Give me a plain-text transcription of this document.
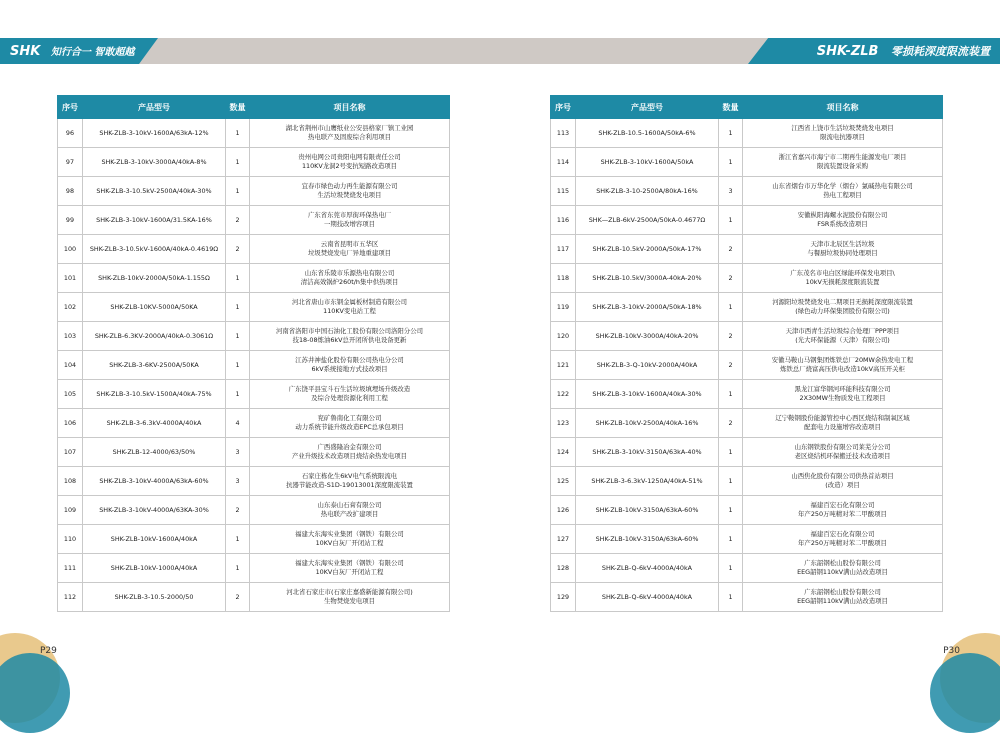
SHK 知行合一 智敢超越	SHK-ZLB 零损耗深度限流装置
序号	产品型号	数量	项目名称
96	SHK-ZLB-3-10kV-1600A/63kA-12%	1	湖北省荆州市山鹰纸业公安县格家厂镇工业园
热电联产及固废综合利用项目

97	SHK-ZLB-3-10kV-3000A/40kA-8%	1	贵州电网公司贵阳电网有限责任公司
110KV龙洞2号变抗短路改造项目

98	SHK-ZLB-3-10.5kV-2500A/40kA-30%	1	宜春市绿色动力再生能源有限公司
生活垃圾焚烧发电项目

99	SHK-ZLB-3-10kV-1600A/31.5KA-16%	2	广东省东莞市厚街环保热电厂
一期技改增容项目

100	SHK-ZLB-3-10.5kV-1600A/40kA-0.4619Ω	2	云南省昆明市五华区
垃圾焚烧发电厂异地重建项目

101	SHK-ZLB-10kV-2000A/50kA-1.155Ω	1	山东省乐陵市乐源热电有限公司
清洁高效锅炉260t/h集中供热项目

102	SHK-ZLB-10KV-5000A/50KA	1	河北省唐山市东钢金属板材制造有限公司
110KV变电站工程

103	SHK-ZLB-6.3KV-2000A/40kA-0.3061Ω	1	河南省洛阳市中国石油化工股份有限公司洛阳分公司
技18-08炼油6kV总开闭所供电设备更新

104	SHK-ZLB-3-6KV-2500A/50KA	1	江苏井神盐化股份有限公司热电分公司
6kV系统接地方式技改项目

105	SHK-ZLB-3-10.5kV-1500A/40kA-75%	1	广东饶平县宝斗石生活垃圾填埋场升级改造
及综合处理资源化利用工程

106	SHK-ZLB-3-6.3kV-4000A/40kA	4	兖矿鲁南化工有限公司
动力系统节能升级改造EPC总承包项目

107	SHK-ZLB-12-4000/63/50%	3	广西盛隆冶金有限公司
产业升级技术改造项目烧结余热发电项目

108	SHK-ZLB-3-10kV-4000A/63kA-60%	3	石家庄栋化生6kV电气系统限流电
抗器节能改造-S1D-19013001深度限流装置

109	SHK-ZLB-3-10kV-4000A/63KA-30%	2	山东泰山石膏有限公司
热电联产改扩建项目

110	SHK-ZLB-10kV-1600A/40kA	1	福建大东海实业集团（钢铁）有限公司
10KV白灰厂开闭站工程

111	SHK-ZLB-10kV-1000A/40kA	1	福建大东海实业集团（钢铁）有限公司
10KV白灰厂开闭站工程

112	SHK-ZLB-3-10.5-2000/50	2	河北省石家庄市(石家庄嘉盛新能源有限公司)
生物焚烧发电项目
序号	产品型号	数量	项目名称
113	SHK-ZLB-10.5-1600A/50kA-6%	1	江西省上饶市生活垃圾焚烧发电项目
限流电抗器项目

114	SHK-ZLB-3-10kV-1600A/50kA	1	浙江省嘉兴市海宁市二期再生能源发电厂项目
限流装置设备采购

115	SHK-ZLB-3-10-2500A/80kA-16%	3	山东省烟台市万华化学（烟台）氯碱热电有限公司
热电工程项目

116	SHK—ZLB-6kV-2500A/50kA-0.4677Ω	1	安徽枞阳海螺水泥股份有限公司
FSR系统改造项目

117	SHK-ZLB-10.5kV-2000A/50kA-17%	2	天津市北辰区生活垃圾
与餐厨垃圾协同处理项目

118	SHK-ZLB-10.5kV/3000A-40kA-20%	2	广东茂名市电白区绿能环保发电项目\
10kV无损耗深度限流装置

119	SHK-ZLB-3-10kV-2000A/50kA-18%	1	河源阳垃圾焚烧发电二期项目无损耗深度限流装置
(绿色动力环保集团股份有限公司)

120	SHK-ZLB-10kV-3000A/40kA-20%	2	天津市西青生活垃圾综合处理厂PPP项目
(光大环保能源（天津）有限公司)

121	SHK-ZLB-3-Q-10kV-2000A/40kA	2	安徽马鞍山马钢集团炼铁总厂20MW余热发电工程
炼铁总厂烧富高压供电改造10kV高压开关柜

122	SHK-ZLB-3-10kV-1600A/40kA-30%	1	黑龙江富华钢河环能科技有限公司
2X30MW生物质发电工程项目

123	SHK-ZLB-10kV-2500A/40kA-16%	2	辽宁鞍钢股份能源管控中心西区烧结和制氧区域
配套电力设施增容改造项目

124	SHK-ZLB-3-10kV-3150A/63kA-40%	1	山东钢铁股份有限公司莱芜分公司
老区烧结机环保搬迁技术改造项目

125	SHK-ZLB-3-6.3kV-1250A/40kA-51%	1	山西焦化股份有限公司供热首站项目
(改造）项目

126	SHK-ZLB-10kV-3150A/63kA-60%	1	福建百宏石化有限公司
年产250万吨精对苯二甲酸项目

127	SHK-ZLB-10kV-3150A/63kA-60%	1	福建百宏石化有限公司
年产250万吨精对苯二甲酸项目

128	SHK-ZLB-Q-6kV-4000A/40kA	1	广东韶钢松山股份有限公司
EEG韶钢110kV满山站改造项目

129	SHK-ZLB-Q-6kV-4000A/40kA	1	广东韶钢松山股份有限公司
EEG韶钢110kV满山站改造项目
P29	P30
